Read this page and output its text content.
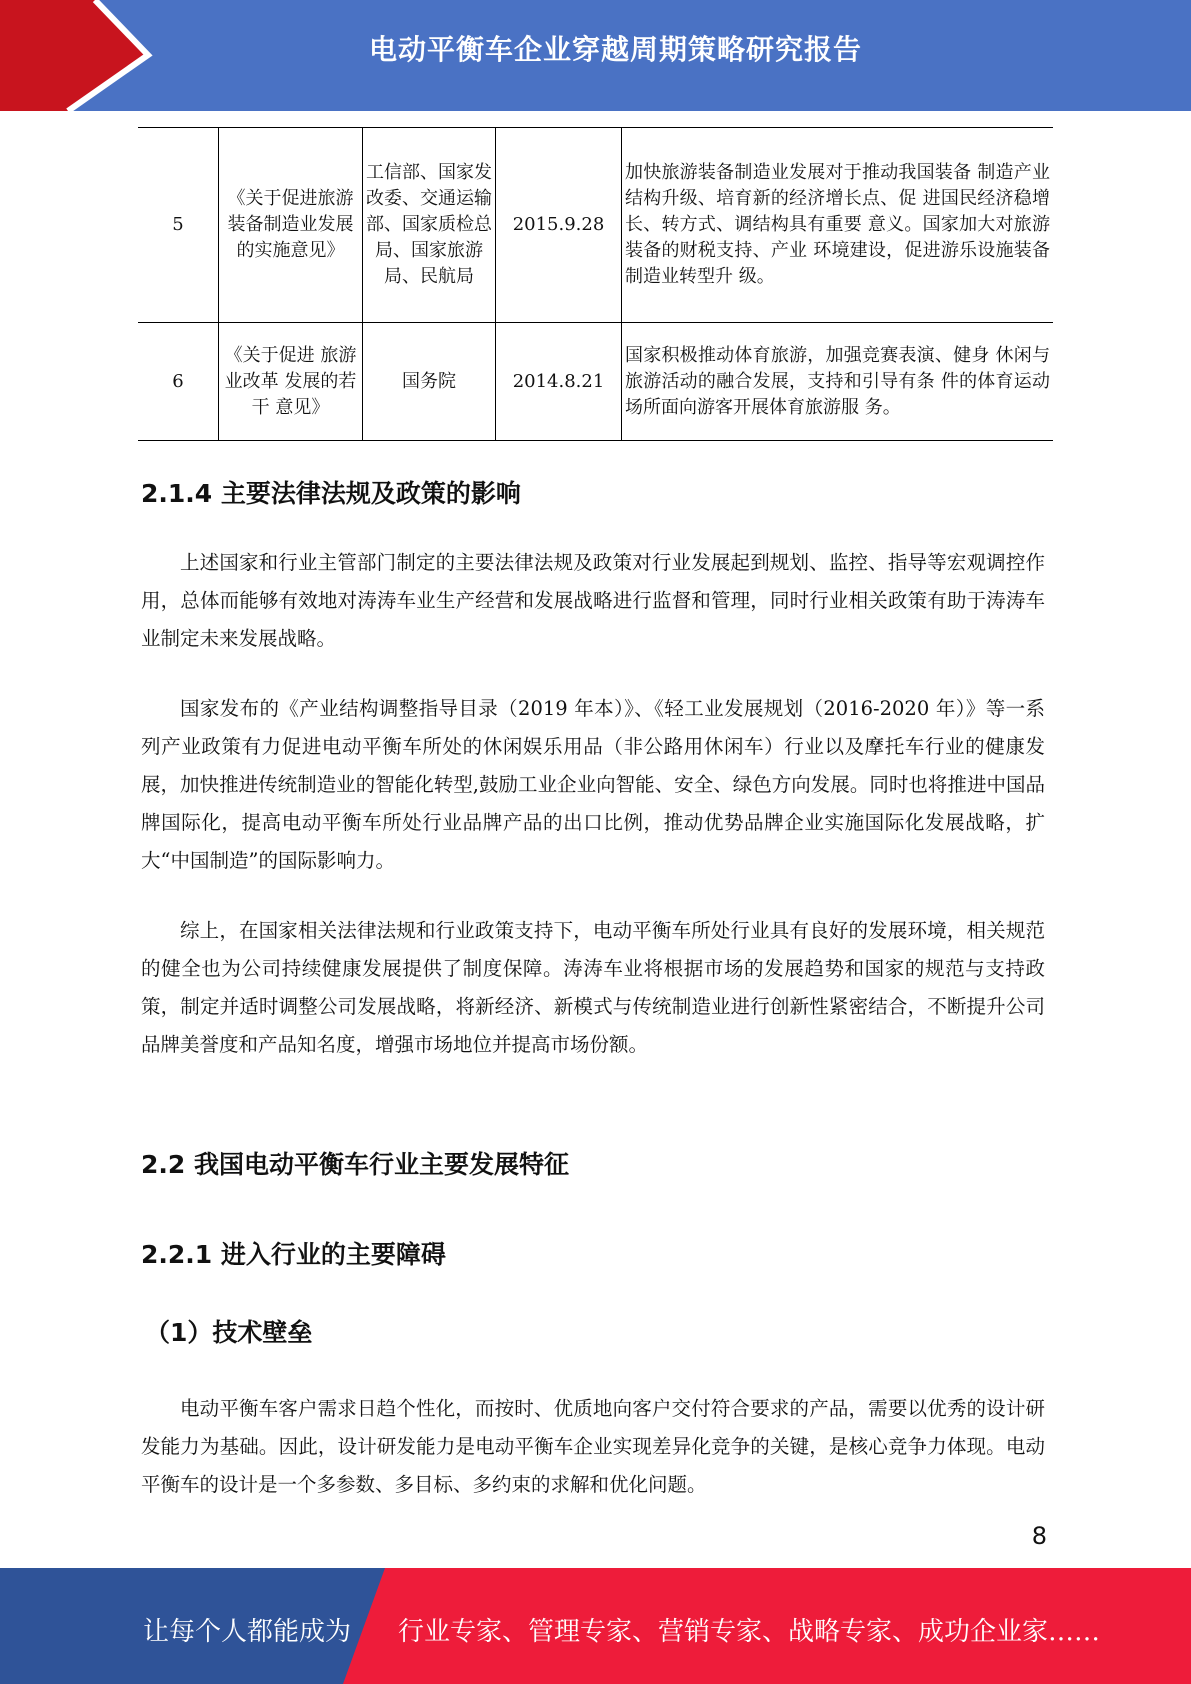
电动平衡车企业穿越周期策略研究报告
5	《关于促进旅游装备制造业发展的实施意见》	工信部、国家发改委、交通运输部、国家质检总局、国家旅游局、民航局	2015.9.28	加快旅游装备制造业发展对于推动我国装备 制造产业结构升级、培育新的经济增长点、促 进国民经济稳增长、转方式、调结构具有重要 意义。国家加大对旅游装备的财税支持、产业 环境建设，促进游乐设施装备制造业转型升 级。
6	《关于促进 旅游业改革 发展的若干 意见》	国务院	2014.8.21	国家积极推动体育旅游，加强竞赛表演、健身 休闲与旅游活动的融合发展，支持和引导有条 件的体育运动场所面向游客开展体育旅游服 务。
2.1.4 主要法律法规及政策的影响

上述国家和行业主管部门制定的主要法律法规及政策对行业发展起到规划、监控、指导等宏观调控作用，总体而能够有效地对涛涛车业生产经营和发展战略进行监督和管理，同时行业相关政策有助于涛涛车业制定未来发展战略。

国家发布的《产业结构调整指导目录（2019 年本）》、《轻工业发展规划（2016-2020 年）》等一系列产业政策有力促进电动平衡车所处的休闲娱乐用品（非公路用休闲车）行业以及摩托车行业的健康发展，加快推进传统制造业的智能化转型,鼓励工业企业向智能、安全、绿色方向发展。同时也将推进中国品牌国际化，提高电动平衡车所处行业品牌产品的出口比例，推动优势品牌企业实施国际化发展战略，扩大“中国制造”的国际影响力。

综上，在国家相关法律法规和行业政策支持下，电动平衡车所处行业具有良好的发展环境，相关规范的健全也为公司持续健康发展提供了制度保障。涛涛车业将根据市场的发展趋势和国家的规范与支持政策，制定并适时调整公司发展战略，将新经济、新模式与传统制造业进行创新性紧密结合，不断提升公司品牌美誉度和产品知名度，增强市场地位并提高市场份额。

2.2 我国电动平衡车行业主要发展特征
2.2.1 进入行业的主要障碍
（1）技术壁垒

电动平衡车客户需求日趋个性化，而按时、优质地向客户交付符合要求的产品，需要以优秀的设计研发能力为基础。因此，设计研发能力是电动平衡车企业实现差异化竞争的关键，是核心竞争力体现。电动平衡车的设计是一个多参数、多目标、多约束的求解和优化问题。

8
让每个人都能成为 行业专家、管理专家、营销专家、战略专家、成功企业家……
